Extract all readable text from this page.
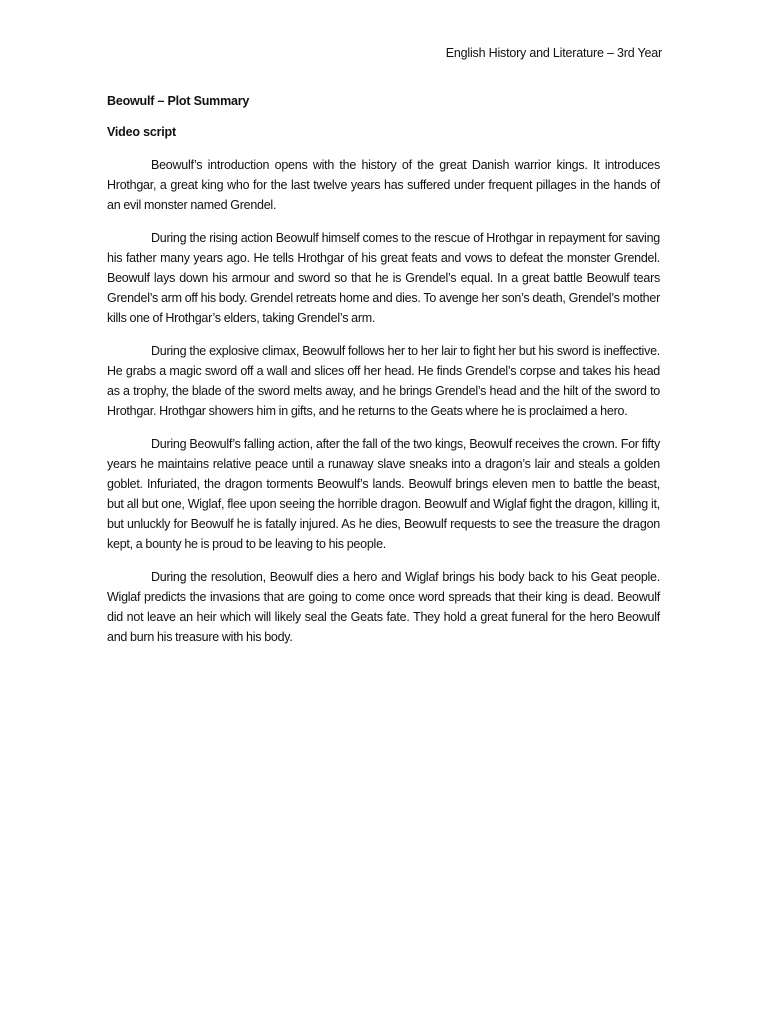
English History and Literature – 3rd Year
Beowulf – Plot Summary
Video script

Beowulf’s introduction opens with the history of the great Danish warrior kings. It introduces Hrothgar, a great king who for the last twelve years has suffered under frequent pillages in the hands of an evil monster named Grendel.

During the rising action Beowulf himself comes to the rescue of Hrothgar in repayment for saving his father many years ago. He tells Hrothgar of his great feats and vows to defeat the monster Grendel. Beowulf lays down his armour and sword so that he is Grendel’s equal. In a great battle Beowulf tears Grendel’s arm off his body. Grendel retreats home and dies. To avenge her son’s death, Grendel’s mother kills one of Hrothgar’s elders, taking Grendel’s arm.

During the explosive climax, Beowulf follows her to her lair to fight her but his sword is ineffective. He grabs a magic sword off a wall and slices off her head. He finds Grendel’s corpse and takes his head as a trophy, the blade of the sword melts away, and he brings Grendel’s head and the hilt of the sword to Hrothgar. Hrothgar showers him in gifts, and he returns to the Geats where he is proclaimed a hero.

During Beowulf’s falling action, after the fall of the two kings, Beowulf receives the crown. For fifty years he maintains relative peace until a runaway slave sneaks into a dragon’s lair and steals a golden goblet. Infuriated, the dragon torments Beowulf’s lands. Beowulf brings eleven men to battle the beast, but all but one, Wiglaf, flee upon seeing the horrible dragon. Beowulf and Wiglaf fight the dragon, killing it, but unluckly for Beowulf he is fatally injured. As he dies, Beowulf requests to see the treasure the dragon kept, a bounty he is proud to be leaving to his people.

During the resolution, Beowulf dies a hero and Wiglaf brings his body back to his Geat people. Wiglaf predicts the invasions that are going to come once word spreads that their king is dead. Beowulf did not leave an heir which will likely seal the Geats fate. They hold a great funeral for the hero Beowulf and burn his treasure with his body.
